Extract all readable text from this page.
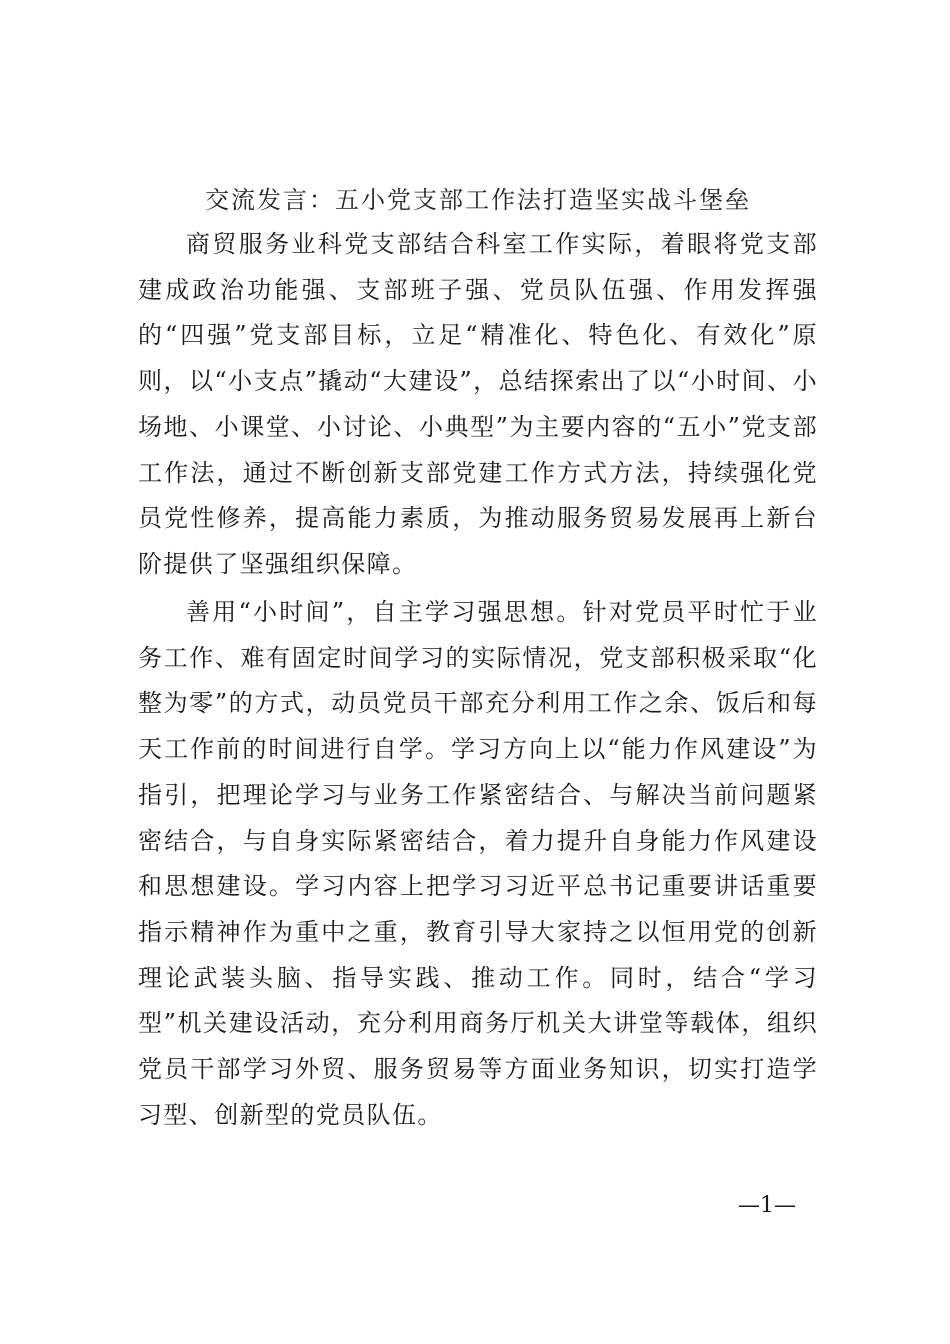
交流发言：五小党支部工作法打造坚实战斗堡垒

商贸服务业科党支部结合科室工作实际，着眼将党支部建成政治功能强、支部班子强、党员队伍强、作用发挥强的“四强”党支部目标，立足“精准化、特色化、有效化”原则，以“小支点”撬动“大建设”，总结探索出了以“小时间、小场地、小课堂、小讨论、小典型”为主要内容的“五小”党支部工作法，通过不断创新支部党建工作方式方法，持续强化党员党性修养，提高能力素质，为推动服务贸易发展再上新台阶提供了坚强组织保障。

善用“小时间”，自主学习强思想。针对党员平时忙于业务工作、难有固定时间学习的实际情况，党支部积极采取“化整为零”的方式，动员党员干部充分利用工作之余、饭后和每天工作前的时间进行自学。学习方向上以“能力作风建设”为指引，把理论学习与业务工作紧密结合、与解决当前问题紧密结合，与自身实际紧密结合，着力提升自身能力作风建设和思想建设。学习内容上把学习习近平总书记重要讲话重要指示精神作为重中之重，教育引导大家持之以恒用党的创新理论武装头脑、指导实践、推动工作。同时，结合“学习型”机关建设活动，充分利用商务厅机关大讲堂等载体，组织党员干部学习外贸、服务贸易等方面业务知识，切实打造学习型、创新型的党员队伍。

—1—
